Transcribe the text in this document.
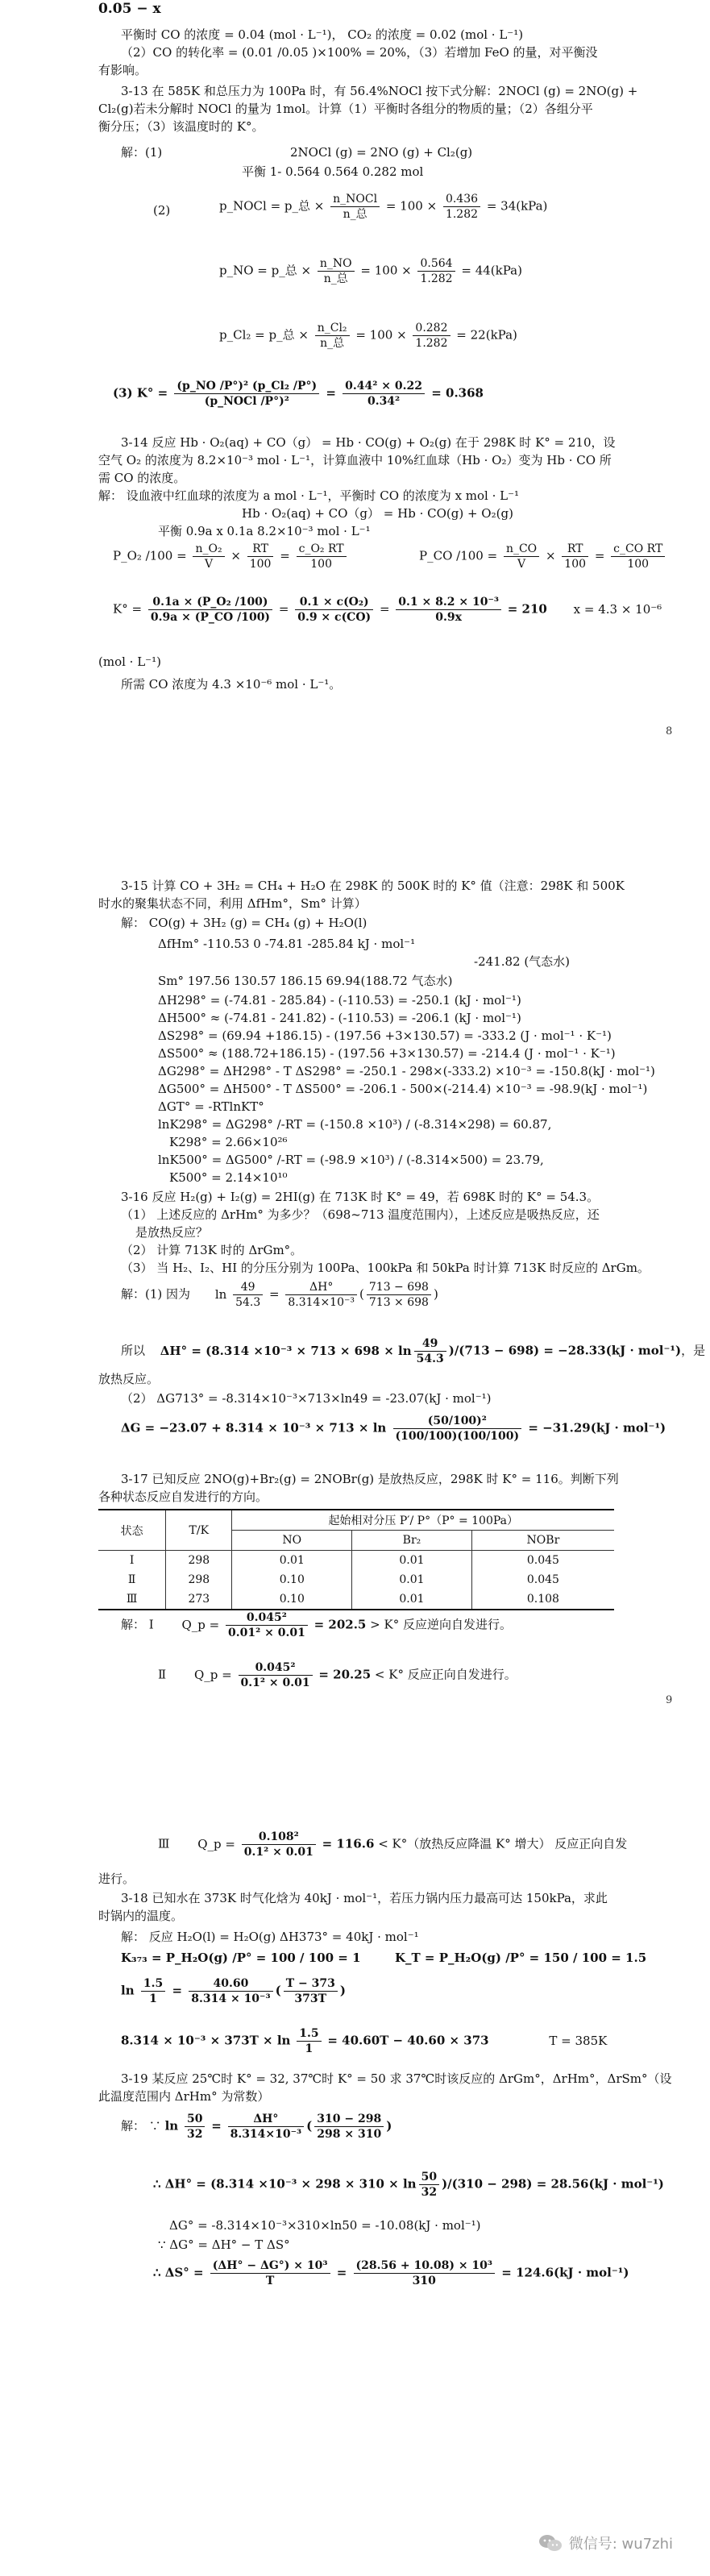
0.05 − x
平衡时 CO 的浓度 = 0.04 (mol · L⁻¹)， CO₂ 的浓度 = 0.02 (mol · L⁻¹)
（2）CO 的转化率 = (0.01 /0.05 )×100% = 20%，（3）若增加 FeO 的量，对平衡没
有影响。
3-13 在 585K 和总压力为 100Pa 时，有 56.4%NOCl 按下式分解：2NOCl (g) = 2NO(g) +
Cl₂(g)若未分解时 NOCl 的量为 1mol。计算（1）平衡时各组分的物质的量；（2）各组分平
衡分压；（3）该温度时的 K°。
解：(1)	2NOCl (g) = 2NO (g) + Cl₂(g)
平衡 1- 0.564 0.564 0.282 mol
(2)	p_NOCl = p_总 × $\frac{\text{n\_NOCl}}{\text{n\_总}} = 100 \times \frac{0.436}{1.282} = 34(kPa)$
p_NO = p_总 × $\frac{n\_NO}{\text{n\_总}} = 100 \times \frac{0.564}{1.282} = 44(kPa)$
p_Cl₂ = p_总 × $\frac{\text{n\_Cl₂}}{\text{n\_总}} = 100 \times \frac{0.282}{1.282} = 22(kPa)$
(3) $K^\circ = \frac{\text{(p\_NO /P°)² (p\_Cl₂ /P°)}}{\text{(p\_NOCl /P°)²}} = \frac{\text{0.44² × 0.22}}{\text{0.34²}} = 0.368$
3-14 反应 Hb · O₂(aq) + CO（g） = Hb · CO(g) + O₂(g) 在于 298K 时 K° = 210，设
空气 O₂ 的浓度为 8.2×10⁻³ mol · L⁻¹，计算血液中 10%红血球（Hb · O₂）变为 Hb · CO 所
需 CO 的浓度。
解： 设血液中红血球的浓度为 a mol · L⁻¹，平衡时 CO 的浓度为 x mol · L⁻¹
Hb · O₂(aq) + CO（g） = Hb · CO(g) + O₂(g)
平衡 0.9a x 0.1a 8.2×10⁻³ mol · L⁻¹
P_O₂ $/100 = \frac{\text{n\_O₂}}{V} \times \frac{RT}{100} = \frac{\text{c\_O₂ RT}}{100}$	P_CO $/100 = \frac{n\_CO}{V} \times \frac{RT}{100} = \frac{\text{c\_CO RT}}{100}$
$K^\circ = \frac{\text{0.1a × (P\_O₂ /100)}}{0.9a \times (P\_CO /100)} = \frac{\text{0.1 × c(O₂)}}{0.9 \times c(CO)} = \frac{\text{0.1 × 8.2 × 10⁻³}}{0.9x} = 210$ x = 4.3 × 10⁻⁶
(mol · L⁻¹)
所需 CO 浓度为 4.3 ×10⁻⁶ mol · L⁻¹。
8
3-15 计算 CO + 3H₂ = CH₄ + H₂O 在 298K 的 500K 时的 K° 值（注意：298K 和 500K
时水的聚集状态不同，利用 ΔfHm°，Sm° 计算）
解： CO(g) + 3H₂ (g) = CH₄ (g) + H₂O(l)
ΔfHm° -110.53 0 -74.81 -285.84 kJ · mol⁻¹
-241.82 (气态水)
Sm° 197.56 130.57 186.15 69.94(188.72 气态水)
ΔH298° = (-74.81 - 285.84) - (-110.53) = -250.1 (kJ · mol⁻¹)
ΔH500° ≈ (-74.81 - 241.82) - (-110.53) = -206.1 (kJ · mol⁻¹)
ΔS298° = (69.94 +186.15) - (197.56 +3×130.57) = -333.2 (J · mol⁻¹ · K⁻¹)
ΔS500° ≈ (188.72+186.15) - (197.56 +3×130.57) = -214.4 (J · mol⁻¹ · K⁻¹)
ΔG298° = ΔH298° - T ΔS298° = -250.1 - 298×(-333.2) ×10⁻³ = -150.8(kJ · mol⁻¹)
ΔG500° = ΔH500° - T ΔS500° = -206.1 - 500×(-214.4) ×10⁻³ = -98.9(kJ · mol⁻¹)
ΔGT° = -RTlnKT°
lnK298° = ΔG298° /-RT = (-150.8 ×10³) / (-8.314×298) = 60.87,
K298° = 2.66×10²⁶
lnK500° = ΔG500° /-RT = (-98.9 ×10³) / (-8.314×500) = 23.79,
K500° = 2.14×10¹⁰
3-16 反应 H₂(g) + I₂(g) = 2HI(g) 在 713K 时 K° = 49，若 698K 时的 K° = 54.3。
（1） 上述反应的 ΔrHm° 为多少？（698~713 温度范围内），上述反应是吸热反应，还
是放热反应？
（2） 计算 713K 时的 ΔrGm°。
（3） 当 H₂、I₂、HI 的分压分别为 100Pa、100kPa 和 50kPa 时计算 713K 时反应的 ΔrGm。
解：(1) 因为 $\ln \frac{49}{54.3} = \frac{\Delta H^\circ}{\text{8.314×10⁻³}}$ ( $\frac{713 - 698}{713 \times 698}$ )
所以 $\Delta H^\circ = (8.314 \times 10^{-3} \times 713 \times 698 \times \ln \frac{49}{54.3} )/(713 - 698) = -28.33(kJ \cdot mol^{-1})$，是
放热反应。
（2） ΔG713° = -8.314×10⁻³×713×ln49 = -23.07(kJ · mol⁻¹)
$\Delta G = -23.07 + 8.314 \times 10^{-3} \times 713 \times \ln \frac{\text{(50/100)²}}{(100/100)(100/100)} = -31.29(kJ \cdot mol^{-1})$
3-17 已知反应 2NO(g)+Br₂(g) = 2NOBr(g) 是放热反应，298K 时 K° = 116。判断下列
各种状态反应自发进行的方向。
状态	T/K	起始相对分压 P′/ P°（P° = 100Pa）		
		NO	Br₂	NOBr
Ⅰ	298	0.01	0.01	0.045
Ⅱ	298	0.10	0.01	0.045
Ⅲ	273	0.10	0.01	0.108
解： Ⅰ Q_p = $\frac{\text{0.045²}}{\text{0.01² × 0.01}} = 202.5 > K^\circ$ 反应逆向自发进行。
Ⅱ Q_p = $\frac{\text{0.045²}}{\text{0.1² × 0.01}} = 20.25 < K^\circ$ 反应正向自发进行。
9
Ⅲ Q_p = $\frac{\text{0.108²}}{\text{0.1² × 0.01}} = 116.6 < K^\circ$（放热反应降温 K° 增大） 反应正向自发
进行。
3-18 已知水在 373K 时气化焓为 40kJ · mol⁻¹，若压力锅内压力最高可达 150kPa，求此
时锅内的温度。
解： 反应 H₂O(l) = H₂O(g) ΔH373° = 40kJ · mol⁻¹
K₃₇₃ = P_H₂O(g) /P° = 100 / 100 = 1	K_T = P_H₂O(g) /P° = 150 / 100 = 1.5
$\ln \frac{1.5}{1} = \frac{40.60}{\text{8.314 × 10⁻³}}$ ( $\frac{T - 373}{373T}$ )
$8.314 \times 10^{-3} \times 373T \times \ln \frac{1.5}{1} = 40.60T - 40.60 \times 373$	T = 385K
3-19 某反应 25℃时 K° = 32, 37℃时 K° = 50 求 37℃时该反应的 ΔrGm°，ΔrHm°，ΔrSm°（设
此温度范围内 ΔrHm° 为常数）
解： ∵ $\ln \frac{50}{32} = \frac{\Delta H^\circ}{\text{8.314×10⁻³}}$ ( $\frac{310 - 298}{298 \times 310}$ )
∴ $\Delta H^\circ = (8.314 \times 10^{-3} \times 298 \times 310 \times \ln \frac{50}{32} )/(310 - 298) = 28.56(kJ \cdot mol^{-1})$
ΔG° = -8.314×10⁻³×310×ln50 = -10.08(kJ · mol⁻¹)
∵ ΔG° = ΔH° − T ΔS°
∴ $\Delta S^\circ = \frac{\text{(ΔH° − ΔG°) × 10³}}{T} = \frac{\text{(28.56 + 10.08) × 10³}}{310} = 124.6(kJ \cdot mol^{-1})$
微信号: wu7zhi
